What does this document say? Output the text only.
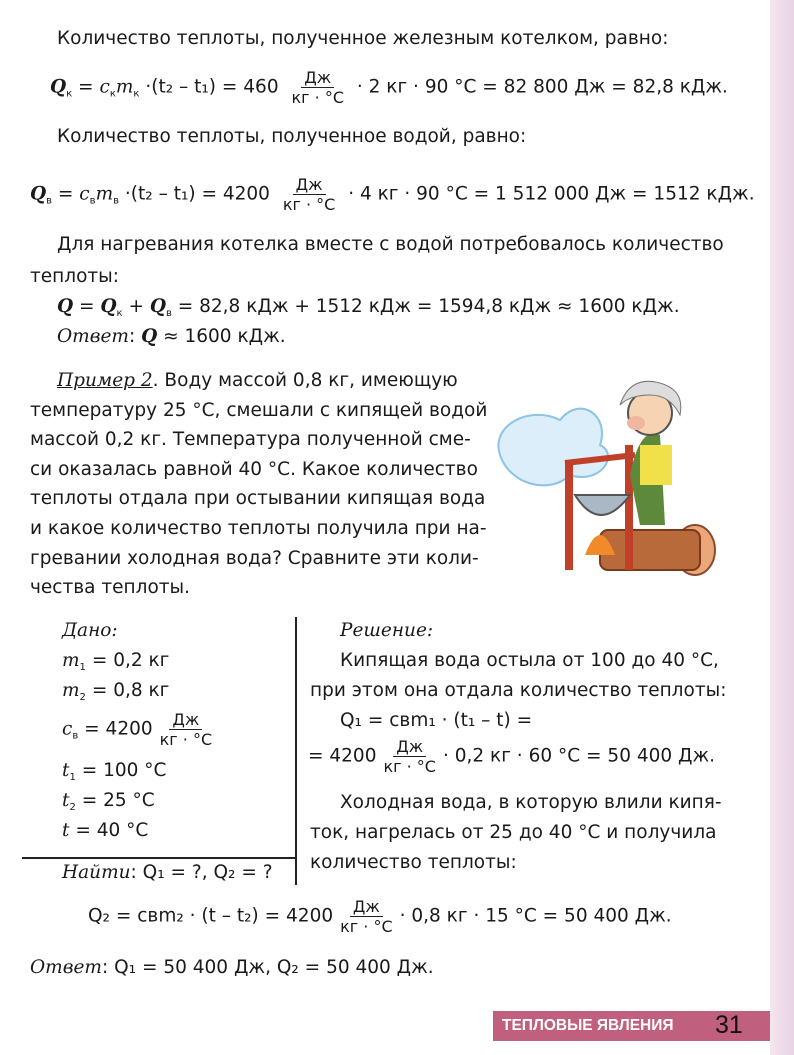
Количество теплоты, полученное железным котелком, равно:
$Q_к = c_кm_к \cdot(t_2 - t_1) = 460 \frac{Дж}{кг \cdot ^\circ C} \cdot 2$ кг · 90 °C = 82 800 Дж = 82,8 кДж.
Количество теплоты, полученное водой, равно:
$Q_в = c_вm_в \cdot(t_2 - t_1) = 4200 \frac{Дж}{кг \cdot ^\circ C} \cdot 4$ кг · 90 °C = 1 512 000 Дж = 1512 кДж.
Для нагревания котелка вместе с водой потребовалось количество
теплоты:
$Q = Q_к + Q_в = 82,8$ кДж + 1512 кДж = 1594,8 кДж ≈ 1600 кДж.
Ответ: Q ≈ 1600 кДж.
Пример 2. Воду массой 0,8 кг, имеющую
температуру 25 °C, смешали с кипящей водой
массой 0,2 кг. Температура полученной сме-
си оказалась равной 40 °C. Какое количество
теплоты отдала при остывании кипящая вода
и какое количество теплоты получила при на-
гревании холодная вода? Сравните эти коли-
чества теплоты.
Дано:
$m_1 = 0,2$ кг
$m_2 = 0,8$ кг
$c_в = 4200 \frac{Дж}{кг \cdot ^\circ C}$
$t_1 = 100$ °C
$t_2 = 25$ °C
t = 40 °C
Найти: Q₁ = ?, Q₂ = ?
Решение:
Кипящая вода остыла от 100 до 40 °C,
при этом она отдала количество теплоты:
Q₁ = cвm₁ · (t₁ – t) =
= $4200 \frac{Дж}{кг \cdot ^\circ C} \cdot 0,2$ кг · 60 °C = 50 400 Дж.
Холодная вода, в которую влили кипя-
ток, нагрелась от 25 до 40 °C и получила
количество теплоты:
$Q_2 = cвm_2 \cdot (t - t_2) = 4200 \frac{Дж}{кг \cdot ^\circ C} \cdot 0,8$ кг · 15 °C = 50 400 Дж.
Ответ: Q₁ = 50 400 Дж, Q₂ = 50 400 Дж.
ТЕПЛОВЫЕ ЯВЛЕНИЯ 31
